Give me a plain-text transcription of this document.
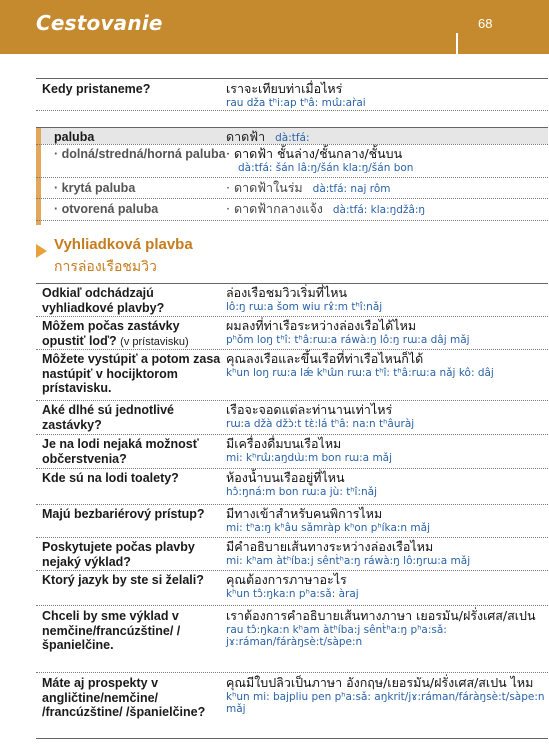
Cestovanie	68
Kedy pristaneme?	เราจะเทียบท่าเมื่อไหร่
rau dža tʰi:ap tʰâ: mɯ̂:ar̀ai
paluba	ดาดฟ้า dà:tfá:
· dolná/stredná/horná paluba · ดาดฟ้า ชั้นล่าง/ชั้นกลาง/ชั้นบน
dà:tfá: šán lâ:ŋ/šán kla:ŋ/šán bon
· krytá paluba	· ดาดฟ้าในร่ม dà:tfá: naj rôm
· otvorená paluba	· ดาดฟ้ากลางแจ้ง dà:tfá: kla:ŋdžâ:ŋ
Vyhliadková plavba
การล่องเรือชมวิว
Odkiaľ odchádzajú vyhliadkové plavby?
ล่องเรือชมวิวเริ่มที่ไหน
lô:ŋ rɯ:a šom wiu rɤ̂:m tʰî:nǎj
Môžem počas zastávky opustiť loď? (v prístavisku)
ผมลงที่ท่าเรือระหว่างล่องเรือได้ไหม
pʰǒm loŋ tʰî: tʰâ:rɯ:a ráwà:ŋ lô:ŋ rɯ:a dâj mǎj
Môžete vystúpiť a potom zasa nastúpiť v hocijktorom prístavisku.
คุณลงเรือและขึ้นเรือที่ท่าเรือไหนก็ได้
kʰun loŋ rɯ:a lǽ kʰɯ̂n rɯ:a tʰî: tʰâ:rɯ:a nǎj kô: dâj
Aké dlhé sú jednotlivé zastávky?
เรือจะจอดแต่ละท่านานเท่าไหร่
rɯ:a džà džɔ̀:t tɛ̀:lá tʰâ: na:n tʰâuràj
Je na lodi nejaká možnosť občerstvenia?
มีเครื่องดื่มบนเรือไหม
mi: kʰrɯ̂:aŋdɯ̀:m bon rɯ:a mǎj
Kde sú na lodi toalety?	ห้องน้ำบนเรืออยู่ที่ไหน
hɔ̂:ŋná:m bon rɯ:a jù: tʰî:nǎj
Majú bezbariérový prístup?	มีทางเข้าสำหรับคนพิการไหม
mi: tʰa:ŋ kʰâu sǎmràp kʰon pʰíka:n mǎj
Poskytujete počas plavby nejaký výklad?
มีคำอธิบายเส้นทางระหว่างล่องเรือไหม
mi: kʰam àtʰíbaːj sênt̀ʰa:ŋ ráwà:ŋ lô:ŋrɯ:a mǎj
Ktorý jazyk by ste si želali?	คุณต้องการภาษาอะไร
kʰun tɔ̂:ŋka:n pʰa:sǎ: àraj
Chceli by sme výklad v nemčine/francúzštine/ /španielčine.
เราต้องการคำอธิบายเส้นทางภาษา เยอรมัน/ฝรั่งเศส/สเปน
rau tɔ̂:ŋka:n kʰam àtʰíba:j sênt̀ʰa:ŋ pʰa:sǎ: jɤ:ráman/fáràŋsè:t/sàpe:n
Máte aj prospekty v angličtine/nemčine/ /francúzštine/ /španielčine?
คุณมีใบปลิวเป็นภาษา อังกฤษ/เยอรมัน/ฝรั่งเศส/สเปน ไหม
kʰun mi: bajpliu pen pʰa:sǎ: aŋkrit/jɤ:ráman/fáràŋsè:t/sàpe:n mǎj
